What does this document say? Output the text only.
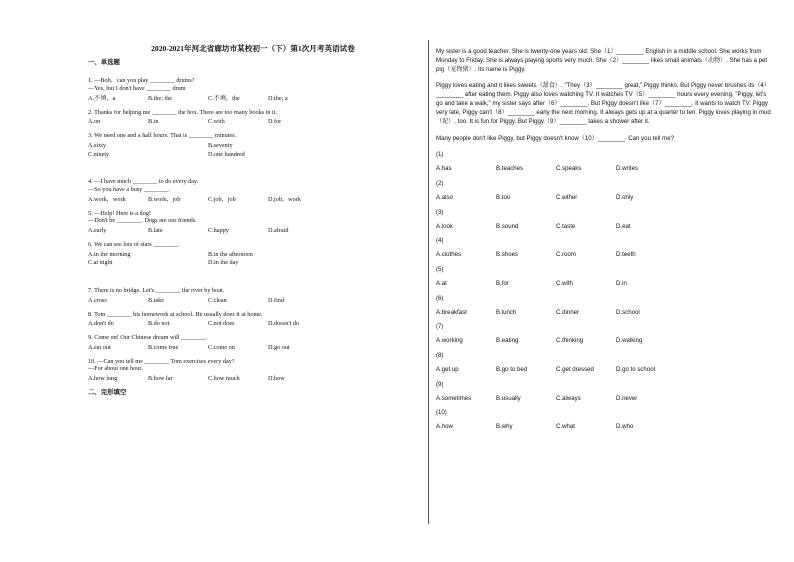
2020-2021年河北省廊坊市某校初一（下）第1次月考英语试卷
一、单选题
1. —Bob，can you play ________ drums?
—Yes, but I don't have ________ drum
A.不填，a	B.the; the	C.不填，the	D.the; a
2. Thanks for helping me ________ the box. There are too many books in it.
A.on	B.in	C.with	D.for
3. We need one and a half hours. That is ________ minutes.
A.sixty	B.seventy
C.ninety	D.one hundred
4. —I have much ________ to do every day.
—So you have a busy ________.
A.work，work	B.work，job	C.job，job	D.job，work
5. —Help! Here is a dog!
—Don't be ________. Dogs are our friends.
A.early	B.late	C.happy	D.afraid
6. We can see lots of stars ________.
A.in the morning	B.in the afternoon
C.at night	D.in the day
7. There is no bridge. Let's ________ the river by boat.
A.cross	B.take	C.clean	D.find
8. Tom ________ his homework at school. He usually does it at home.
A.don't do	B.do not	C.not does	D.doesn't do
9. Come on! Our Chinese dream will ________.
A.eat out	B.come true	C.come on	D.go out
10. —Can you tell me ________ Tom exercises every day?
—For about one hour.
A.how long	B.how far	C.how much	D.how
二、完形填空
My sister is a good teacher. She is twenty-one years old. She（1）________ English in a middle school. She works from Monday to Friday. She is always playing sports very much. She（2）________ likes small animals（动物）. She has a pet pig（宠物猪）. Its name is Piggy.
Piggy loves eating and it likes sweets（甜食）. "They（3）________ great," Piggy thinks. But Piggy never brushes its（4）________ after eating them. Piggy also loves watching TV. It watches TV（5）________ hours every evening. "Piggy, let's go and take a walk," my sister says after（6）________. But Piggy doesn't like（7）________. It wants to watch TV. Piggy very late, Piggy can't（8）________ early the next morning. It always gets up at a quarter to ten. Piggy loves playing in mud（泥）, too. It is fun for Piggy. But Piggy（9）________ takes a shower after it.
Many people don't like Piggy, but Piggy doesn't know（10）________. Can you tell me?
(1)
A.has	B.teaches	C.speaks	D.writes
(2)
A.also	B.too	C.either	D.only
(3)
A.look	B.sound	C.taste	D.eat
(4)
A.clothes	B.shoes	C.room	D.teeth
(5)
A.at	B.for	C.with	D.in
(6)
A.breakfast	B.lunch	C.dinner	D.school
(7)
A.working	B.eating	C.thinking	D.walking
(8)
A.get up	B.go to bed	C.get dressed	D.go to school
(9)
A.sometimes	B.usually	C.always	D.never
(10)
A.how	B.why	C.what	D.who
